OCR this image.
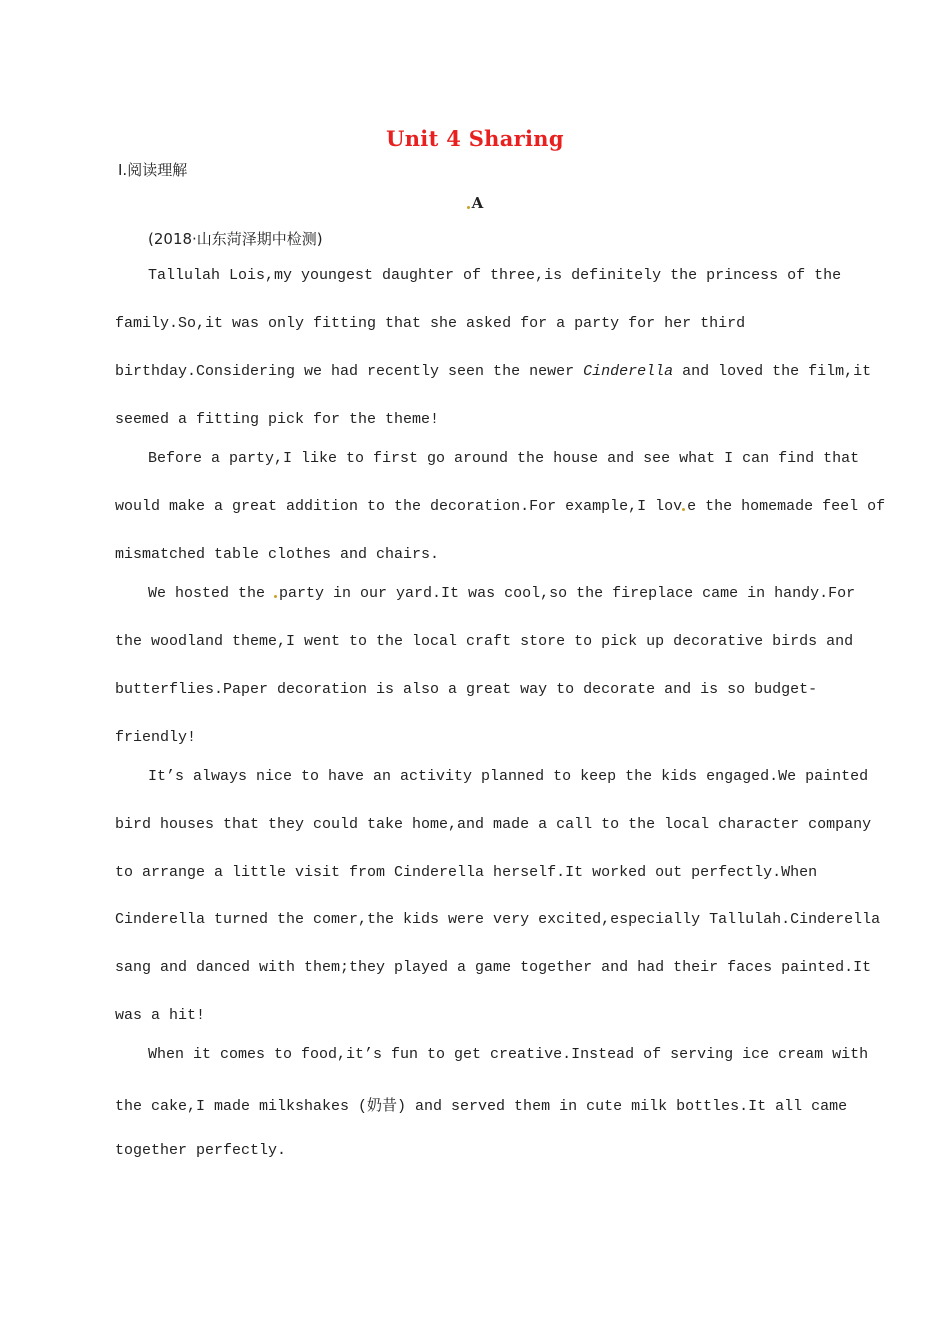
Unit 4 Sharing
Ⅰ.阅读理解
A
(2018·山东菏泽期中检测)
Tallulah Lois,my youngest daughter of three,is definitely the princess of the
family.So,it was only fitting that she asked for a party for her third
birthday.Considering we had recently seen the newer Cinderella and loved the film,it
seemed a fitting pick for the theme!
Before a party,I like to first go around the house and see what I can find that
would make a great addition to the decoration.For example,I lov e the homemade feel of
mismatched table clothes and chairs.
We hosted the party in our yard.It was cool,so the fireplace came in handy.For
the woodland theme,I went to the local craft store to pick up decorative birds and
butterflies.Paper decoration is also a great way to decorate and is so budget-
friendly!
It’s always nice to have an activity planned to keep the kids engaged.We painted
bird houses that they could take home,and made a call to the local character company
to arrange a little visit from Cinderella herself.It worked out perfectly.When
Cinderella turned the comer,the kids were very excited,especially Tallulah.Cinderella
sang and danced with them;they played a game together and had their faces painted.It
was a hit!
When it comes to food,it’s fun to get creative.Instead of serving ice cream with
the cake,I made milkshakes (奶昔) and served them in cute milk bottles.It all came
together perfectly.
